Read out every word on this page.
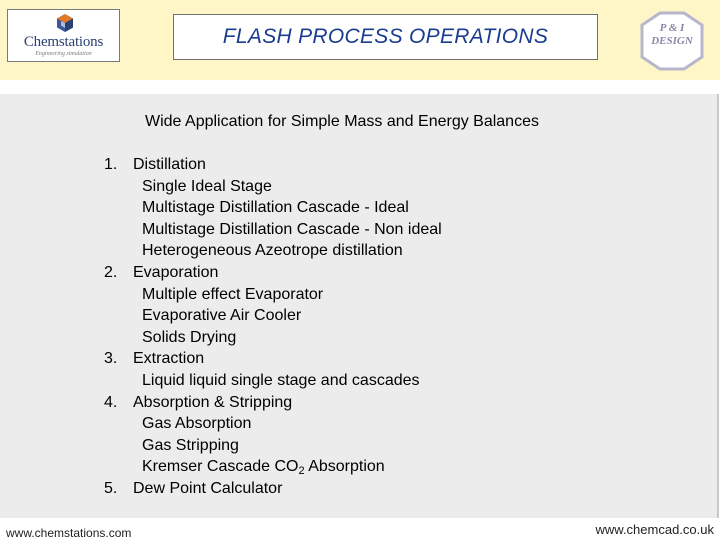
Chemstations
Engineering simulation
FLASH PROCESS OPERATIONS	P & I
DESIGN
Wide Application for Simple Mass and Energy Balances
1. Distillation
Single Ideal Stage
Multistage Distillation Cascade - Ideal
Multistage Distillation Cascade - Non ideal
Heterogeneous Azeotrope distillation
2. Evaporation
Multiple effect Evaporator
Evaporative Air Cooler
Solids Drying
3. Extraction
Liquid liquid single stage and cascades
4. Absorption & Stripping
Gas Absorption
Gas Stripping
Kremser Cascade $CO_2$ Absorption
5. Dew Point Calculator
www.chemstations.com	www.chemcad.co.uk
